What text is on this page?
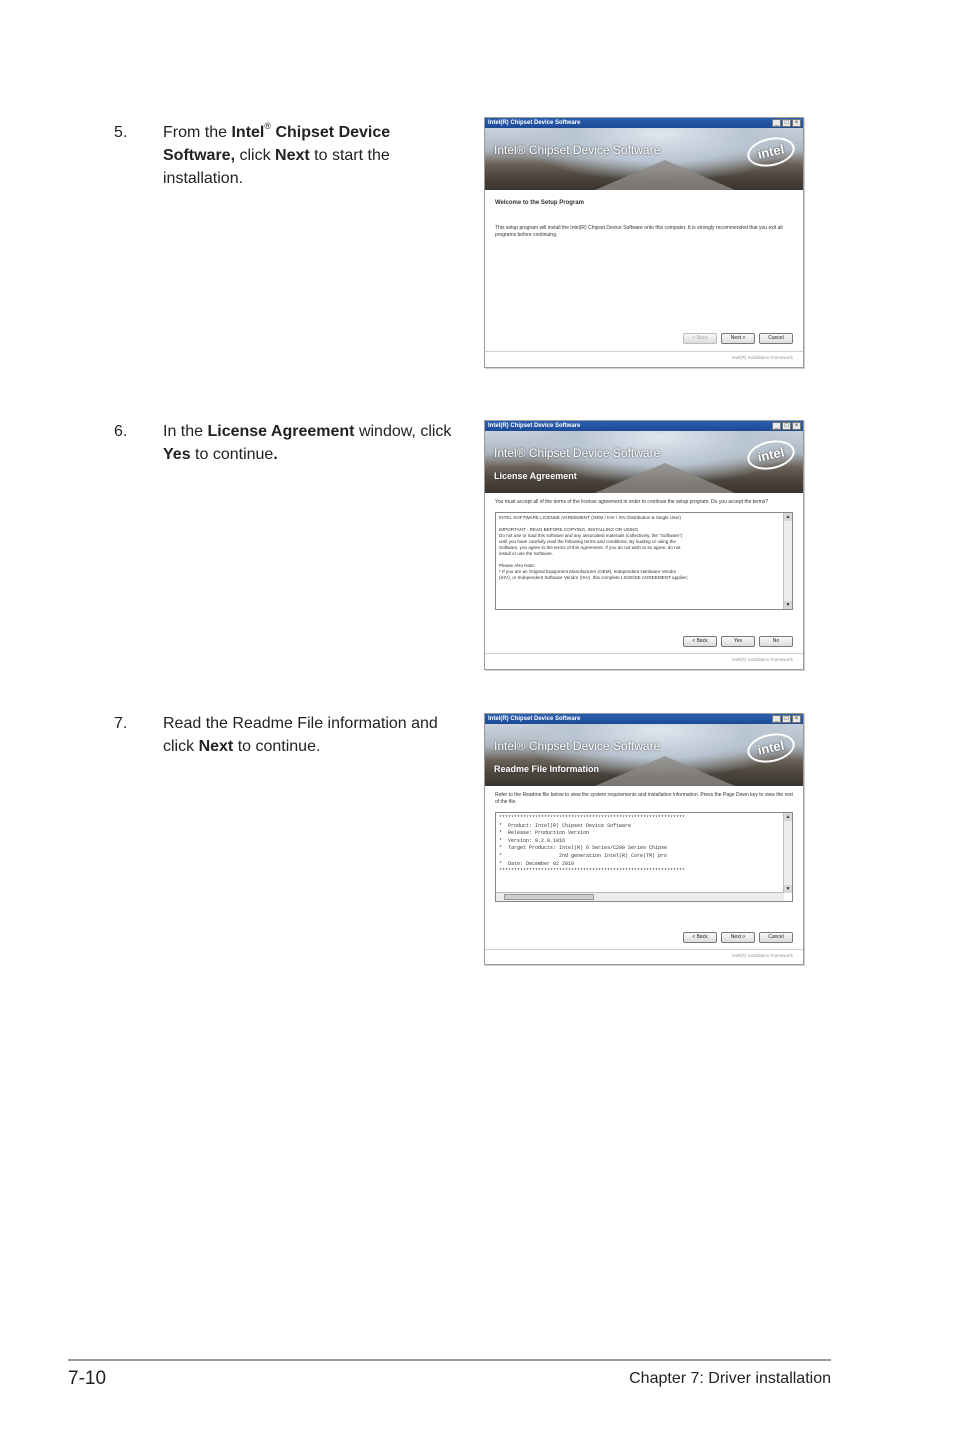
5. From the Intel® Chipset Device Software, click Next to start the installation.
Intel(R) Chipset Device Software	_	□	×
Intel® Chipset Device Software	intel
Welcome to the Setup Program
This setup program will install the Intel(R) Chipset Device Software onto this computer. It is strongly recommended that you exit all programs before continuing.
< Back	Next >	Cancel
Intel(R) Installation Framework
6. In the License Agreement window, click Yes to continue.
Intel(R) Chipset Device Software	_	□	×
Intel® Chipset Device Software
License Agreement
intel
You must accept all of the terms of the license agreement in order to continue the setup program. Do you accept the terms?
INTEL SOFTWARE LICENSE AGREEMENT (OEM / IHV / ISV Distribution & Single User)

IMPORTANT - READ BEFORE COPYING, INSTALLING OR USING.
Do not use or load this software and any associated materials (collectively, the "Software")
until you have carefully read the following terms and conditions. By loading or using the
Software, you agree to the terms of this Agreement. If you do not wish to so agree, do not
install or use the Software.

Please Also Note:
* If you are an Original Equipment Manufacturer (OEM), Independent Hardware Vendor
(IHV), or Independent Software Vendor (ISV), this complete LICENSE AGREEMENT applies;
▲
▼
< Back	Yes	No
Intel(R) Installation Framework
7. Read the Readme File information and click Next to continue.
Intel(R) Chipset Device Software	_	□	×
Intel® Chipset Device Software
Readme File Information
intel
Refer to the Readme file below to view the system requirements and installation information. Press the Page Down key to view the rest of the file.
**************************************************************
*  Product: Intel(R) Chipset Device Software
*  Release: Production Version
*  Version: 9.2.0.1016
*  Target Products: Intel(R) 6 Series/C200 Series Chipse
*                   2nd generation Intel(R) Core(TM) pro
*  Date: December 02 2010
**************************************************************
▲
▼
< Back	Next >	Cancel
Intel(R) Installation Framework
7-10	Chapter 7: Driver installation
